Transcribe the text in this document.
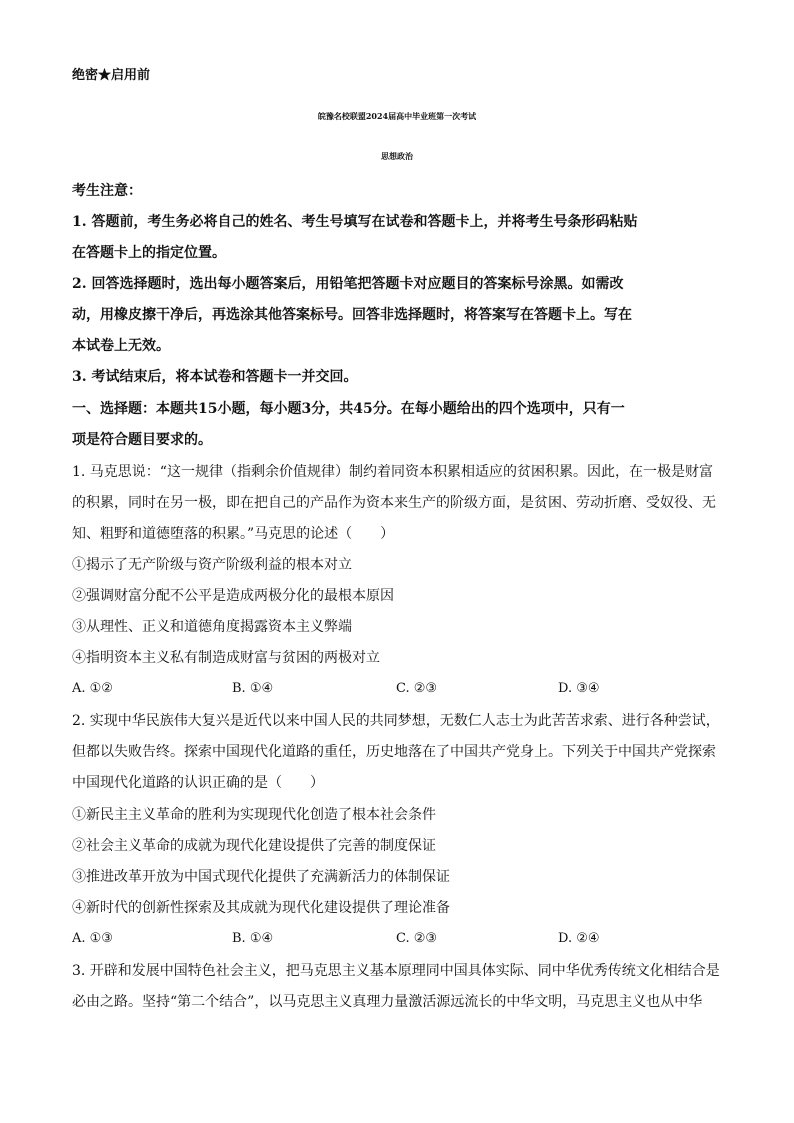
绝密★启用前
皖豫名校联盟2024届高中毕业班第一次考试
思想政治
考生注意：
1. 答题前，考生务必将自己的姓名、考生号填写在试卷和答题卡上，并将考生号条形码粘贴
在答题卡上的指定位置。
2. 回答选择题时，选出每小题答案后，用铅笔把答题卡对应题目的答案标号涂黑。如需改
动，用橡皮擦干净后，再选涂其他答案标号。回答非选择题时，将答案写在答题卡上。写在
本试卷上无效。
3. 考试结束后，将本试卷和答题卡一并交回。
一、选择题：本题共15小题，每小题3分，共45分。在每小题给出的四个选项中，只有一
项是符合题目要求的。
1. 马克思说：“这一规律（指剩余价值规律）制约着同资本积累相适应的贫困积累。因此，在一极是财富
的积累，同时在另一极，即在把自己的产品作为资本来生产的阶级方面，是贫困、劳动折磨、受奴役、无
知、粗野和道德堕落的积累。”马克思的论述（　　）
①揭示了无产阶级与资产阶级利益的根本对立
②强调财富分配不公平是造成两极分化的最根本原因
③从理性、正义和道德角度揭露资本主义弊端
④指明资本主义私有制造成财富与贫困的两极对立
A. ①②	B. ①④	C. ②③	D. ③④
2. 实现中华民族伟大复兴是近代以来中国人民的共同梦想，无数仁人志士为此苦苦求索、进行各种尝试，
但都以失败告终。探索中国现代化道路的重任，历史地落在了中国共产党身上。下列关于中国共产党探索
中国现代化道路的认识正确的是（　　）
①新民主主义革命的胜利为实现现代化创造了根本社会条件
②社会主义革命的成就为现代化建设提供了完善的制度保证
③推进改革开放为中国式现代化提供了充满新活力的体制保证
④新时代的创新性探索及其成就为现代化建设提供了理论准备
A. ①③	B. ①④	C. ②③	D. ②④
3. 开辟和发展中国特色社会主义，把马克思主义基本原理同中国具体实际、同中华优秀传统文化相结合是
必由之路。坚持“第二个结合”，以马克思主义真理力量激活源远流长的中华文明，马克思主义也从中华
